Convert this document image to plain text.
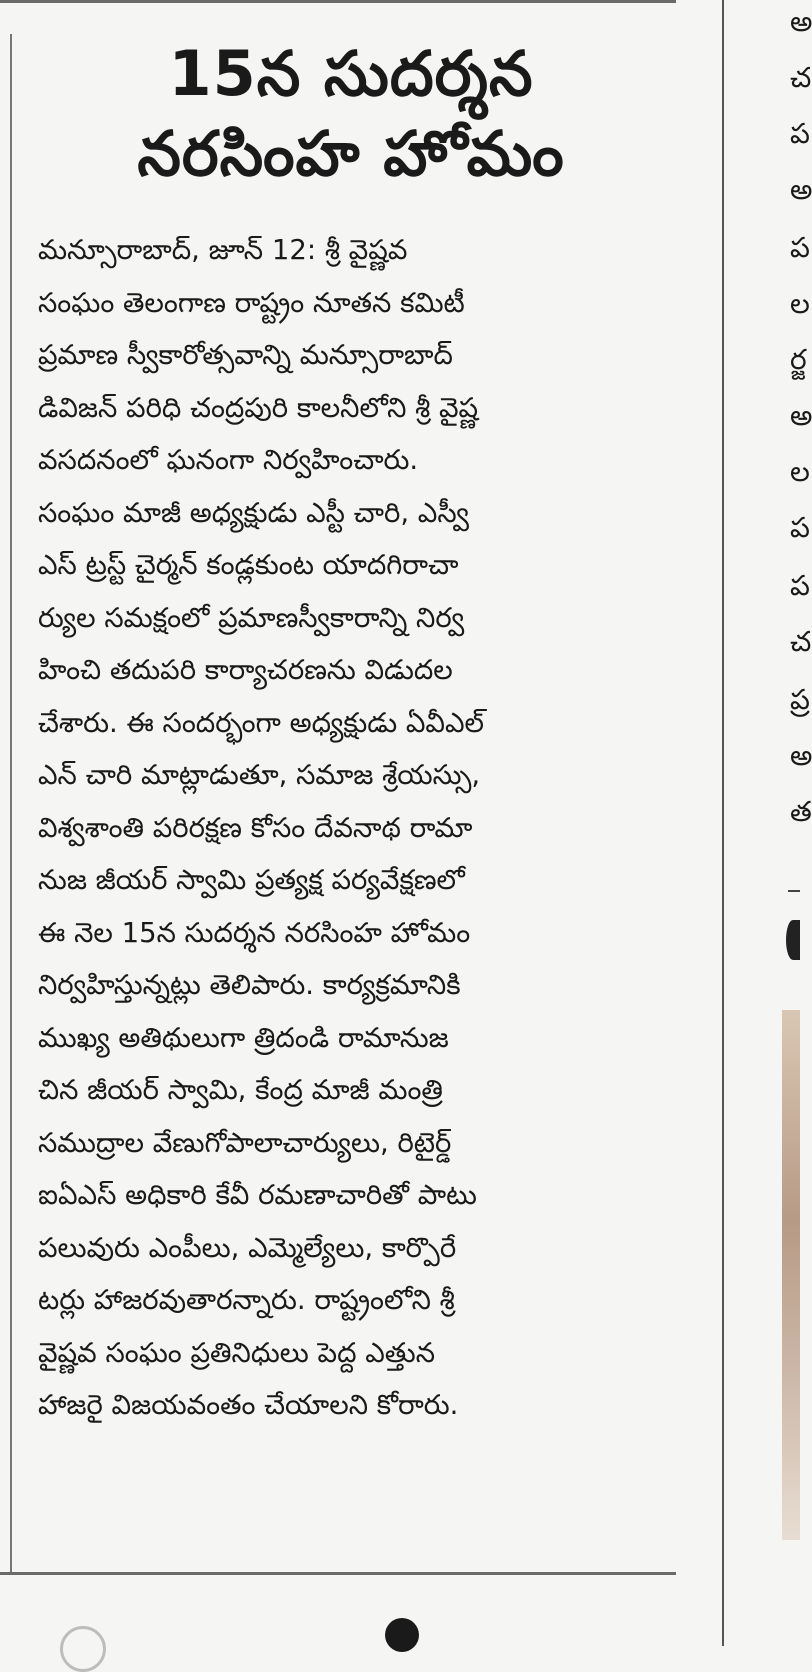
15న సుదర్శన
నరసింహ హోమం
మన్సూరాబాద్, జూన్ 12: శ్రీ వైష్ణవ
సంఘం తెలంగాణ రాష్ట్రం నూతన కమిటీ
ప్రమాణ స్వీకారోత్సవాన్ని మన్సూరాబాద్
డివిజన్ పరిధి చంద్రపురి కాలనీలోని శ్రీ వైష్ణ
వసదనంలో ఘనంగా నిర్వహించారు.
సంఘం మాజీ అధ్యక్షుడు ఎస్టీ చారి, ఎస్వీ
ఎస్ ట్రస్ట్ చైర్మన్ కండ్లకుంట యాదగిరాచా
ర్యుల సమక్షంలో ప్రమాణస్వీకారాన్ని నిర్వ
హించి తదుపరి కార్యాచరణను విడుదల
చేశారు. ఈ సందర్భంగా అధ్యక్షుడు ఏవీఎల్
ఎన్ చారి మాట్లాడుతూ, సమాజ శ్రేయస్సు,
విశ్వశాంతి పరిరక్షణ కోసం దేవనాథ రామా
నుజ జీయర్ స్వామి ప్రత్యక్ష పర్యవేక్షణలో
ఈ నెల 15న సుదర్శన నరసింహ హోమం
నిర్వహిస్తున్నట్లు తెలిపారు. కార్యక్రమానికి
ముఖ్య అతిథులుగా త్రిదండి రామానుజ
చిన జీయర్ స్వామి, కేంద్ర మాజీ మంత్రి
సముద్రాల వేణుగోపాలాచార్యులు, రిటైర్డ్
ఐఏఎస్ అధికారి కేవీ రమణాచారితో పాటు
పలువురు ఎంపీలు, ఎమ్మెల్యేలు, కార్పొరే
టర్లు హాజరవుతారన్నారు. రాష్ట్రంలోని శ్రీ
వైష్ణవ సంఘం ప్రతినిధులు పెద్ద ఎత్తున
హాజరై విజయవంతం చేయాలని కోరారు.
అ
చ
ప
అ
ప
ల
ర్జ
అ
ల
ప
ప
చ
ప్ర
అ
త
